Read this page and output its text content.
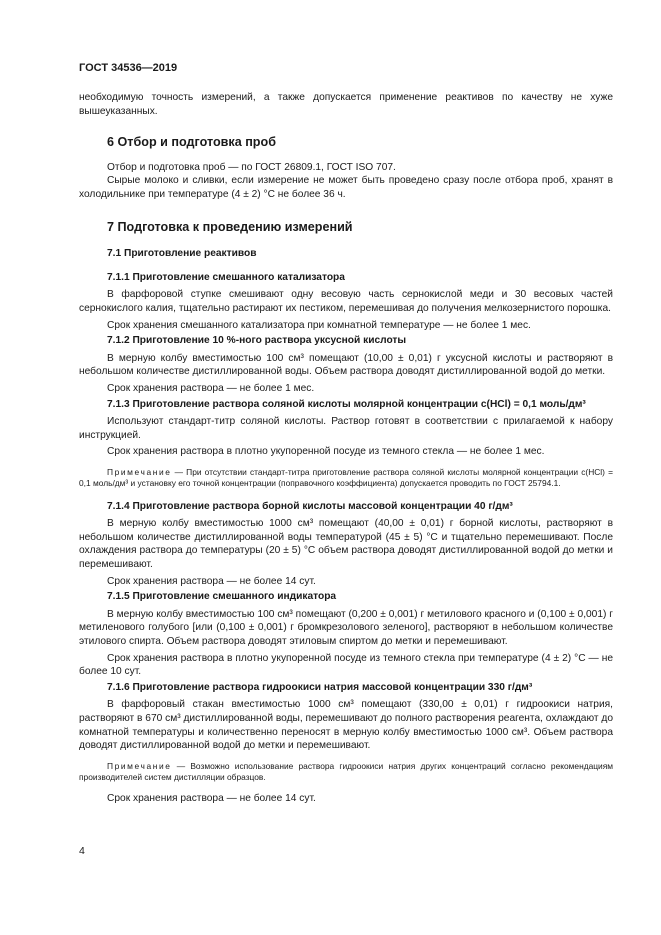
ГОСТ 34536—2019

необходимую точность измерений, а также допускается применение реактивов по качеству не хуже вышеуказанных.

6 Отбор и подготовка проб

Отбор и подготовка проб — по ГОСТ 26809.1, ГОСТ ISO 707.

Сырые молоко и сливки, если измерение не может быть проведено сразу после отбора проб, хранят в холодильнике при температуре (4 ± 2) °С не более 36 ч.

7 Подготовка к проведению измерений

7.1 Приготовление реактивов

7.1.1 Приготовление смешанного катализатора

В фарфоровой ступке смешивают одну весовую часть сернокислой меди и 30 весовых частей сернокислого калия, тщательно растирают их пестиком, перемешивая до получения мелкозернистого порошка.

Срок хранения смешанного катализатора при комнатной температуре — не более 1 мес.

7.1.2 Приготовление 10 %-ного раствора уксусной кислоты

В мерную колбу вместимостью 100 см³ помещают (10,00 ± 0,01) г уксусной кислоты и растворяют в небольшом количестве дистиллированной воды. Объем раствора доводят дистиллированной водой до метки.

Срок хранения раствора — не более 1 мес.

7.1.3 Приготовление раствора соляной кислоты молярной концентрации c(HCl) = 0,1 моль/дм³

Используют стандарт-титр соляной кислоты. Раствор готовят в соответствии с прилагаемой к набору инструкцией.

Срок хранения раствора в плотно укупоренной посуде из темного стекла — не более 1 мес.

Примечание — При отсутствии стандарт-титра приготовление раствора соляной кислоты молярной концентрации c(HCl) = 0,1 моль/дм³ и установку его точной концентрации (поправочного коэффициента) допускается проводить по ГОСТ 25794.1.

7.1.4 Приготовление раствора борной кислоты массовой концентрации 40 г/дм³

В мерную колбу вместимостью 1000 см³ помещают (40,00 ± 0,01) г борной кислоты, растворяют в небольшом количестве дистиллированной воды температурой (45 ± 5) °С и тщательно перемешивают. После охлаждения раствора до температуры (20 ± 5) °С объем раствора доводят дистиллированной водой до метки и перемешивают.

Срок хранения раствора — не более 14 сут.

7.1.5 Приготовление смешанного индикатора

В мерную колбу вместимостью 100 см³ помещают (0,200 ± 0,001) г метилового красного и (0,100 ± 0,001) г метиленового голубого [или (0,100 ± 0,001) г бромкрезолового зеленого], растворяют в небольшом количестве этилового спирта. Объем раствора доводят этиловым спиртом до метки и перемешивают.

Срок хранения раствора в плотно укупоренной посуде из темного стекла при температуре (4 ± 2) °С — не более 10 сут.

7.1.6 Приготовление раствора гидроокиси натрия массовой концентрации 330 г/дм³

В фарфоровый стакан вместимостью 1000 см³ помещают (330,00 ± 0,01) г гидроокиси натрия, растворяют в 670 см³ дистиллированной воды, перемешивают до полного растворения реагента, охлаждают до комнатной температуры и количественно переносят в мерную колбу вместимостью 1000 см³. Объем раствора доводят дистиллированной водой до метки и перемешивают.

Примечание — Возможно использование раствора гидроокиси натрия других концентраций согласно рекомендациям производителей систем дистилляции образцов.

Срок хранения раствора — не более 14 сут.

4
